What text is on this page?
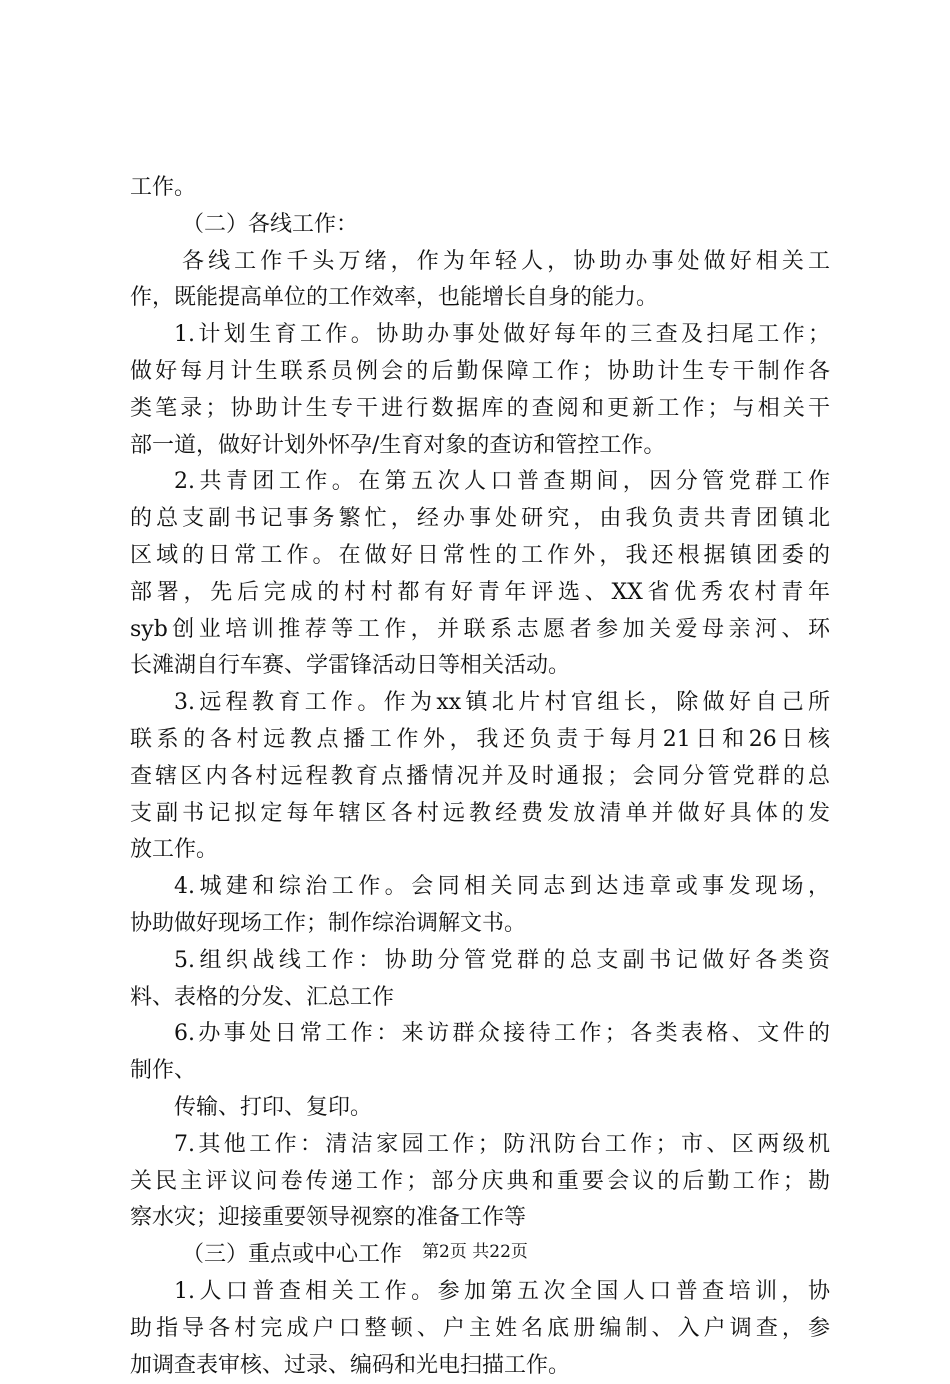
工作。
（二）各线工作：
各线工作千头万绪，作为年轻人，协助办事处做好相关工
作，既能提高单位的工作效率，也能增长自身的能力。
1.计划生育工作。协助办事处做好每年的三查及扫尾工作；
做好每月计生联系员例会的后勤保障工作；协助计生专干制作各
类笔录；协助计生专干进行数据库的查阅和更新工作；与相关干
部一道，做好计划外怀孕/生育对象的查访和管控工作。
2.共青团工作。在第五次人口普查期间，因分管党群工作
的总支副书记事务繁忙，经办事处研究，由我负责共青团镇北
区域的日常工作。在做好日常性的工作外，我还根据镇团委的
部署，先后完成的村村都有好青年评选、XX省优秀农村青年
syb创业培训推荐等工作，并联系志愿者参加关爱母亲河、环
长滩湖自行车赛、学雷锋活动日等相关活动。
3.远程教育工作。作为xx镇北片村官组长，除做好自己所
联系的各村远教点播工作外，我还负责于每月21日和26日核
查辖区内各村远程教育点播情况并及时通报；会同分管党群的总
支副书记拟定每年辖区各村远教经费发放清单并做好具体的发
放工作。
4.城建和综治工作。会同相关同志到达违章或事发现场，
协助做好现场工作；制作综治调解文书。
5.组织战线工作：协助分管党群的总支副书记做好各类资
料、表格的分发、汇总工作
6.办事处日常工作：来访群众接待工作；各类表格、文件的
制作、
传输、打印、复印。
7.其他工作：清洁家园工作；防汛防台工作；市、区两级机
关民主评议问卷传递工作；部分庆典和重要会议的后勤工作；勘
察水灾；迎接重要领导视察的准备工作等
（三）重点或中心工作
1.人口普查相关工作。参加第五次全国人口普查培训，协
助指导各村完成户口整顿、户主姓名底册编制、入户调查，参
加调查表审核、过录、编码和光电扫描工作。
第2页 共22页
